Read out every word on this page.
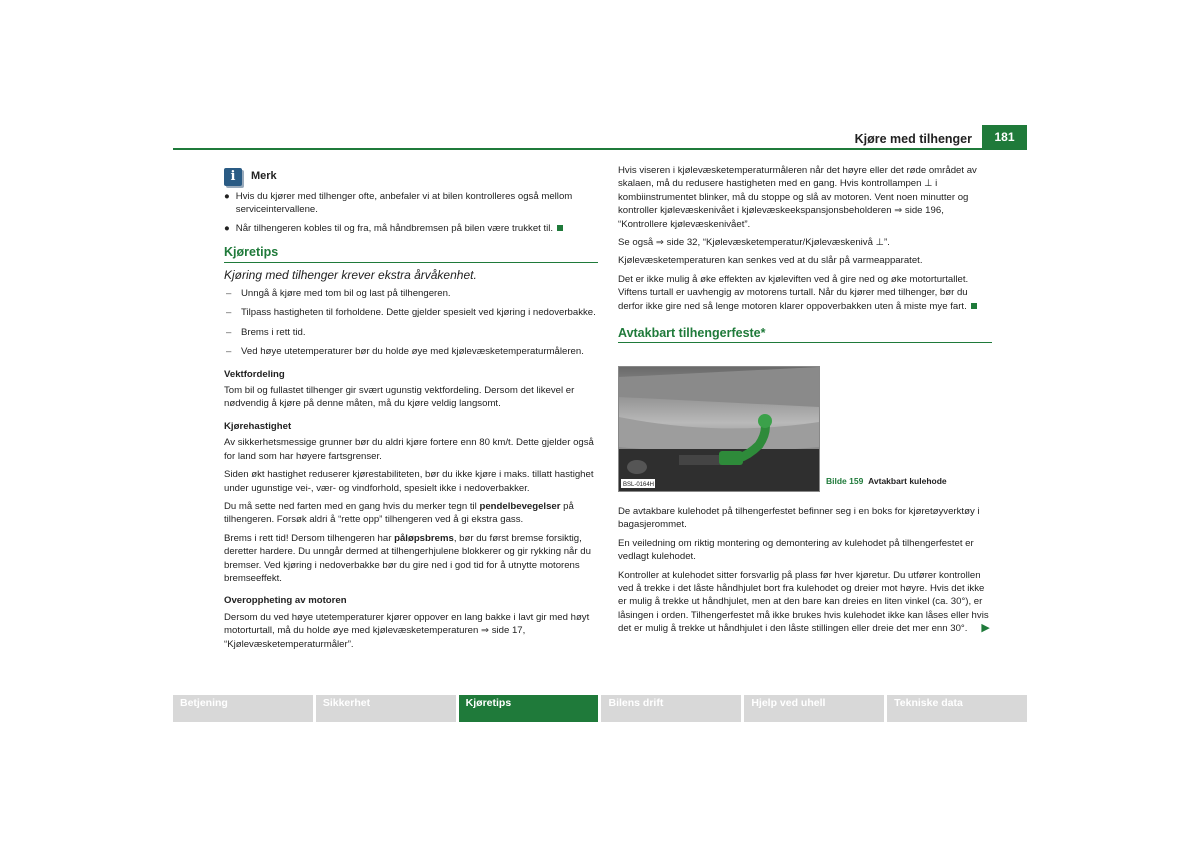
Kjøre med tilhenger	181
i	Merk
● Hvis du kjører med tilhenger ofte, anbefaler vi at bilen kontrolleres også mellom serviceintervallene.
● Når tilhengeren kobles til og fra, må håndbremsen på bilen være trukket til.
Kjøretips

Kjøring med tilhenger krever ekstra årvåkenhet.

– Unngå å kjøre med tom bil og last på tilhengeren.
– Tilpass hastigheten til forholdene. Dette gjelder spesielt ved kjøring i nedoverbakke.
– Brems i rett tid.
– Ved høye utetemperaturer bør du holde øye med kjølevæsketemperaturmåleren.
Vektfordeling

Tom bil og fullastet tilhenger gir svært ugunstig vektfordeling. Dersom det likevel er nødvendig å kjøre på denne måten, må du kjøre veldig langsomt.

Kjørehastighet

Av sikkerhetsmessige grunner bør du aldri kjøre fortere enn 80 km/t. Dette gjelder også for land som har høyere fartsgrenser.

Siden økt hastighet reduserer kjørestabiliteten, bør du ikke kjøre i maks. tillatt hastighet under ugunstige vei-, vær- og vindforhold, spesielt ikke i nedoverbakker.

Du må sette ned farten med en gang hvis du merker tegn til pendelbevegelser på tilhengeren. Forsøk aldri å “rette opp” tilhengeren ved å gi ekstra gass.

Brems i rett tid! Dersom tilhengeren har påløpsbrems, bør du først bremse forsiktig, deretter hardere. Du unngår dermed at tilhengerhjulene blokkerer og gir rykking når du bremser. Ved kjøring i nedoverbakke bør du gire ned i god tid for å utnytte motorens bremseeffekt.

Overoppheting av motoren

Dersom du ved høye utetemperaturer kjører oppover en lang bakke i lavt gir med høyt motorturtall, må du holde øye med kjølevæsketemperaturen ⇒ side 17, “Kjølevæsketemperaturmåler”.

Hvis viseren i kjølevæsketemperaturmåleren når det høyre eller det røde området av skalaen, må du redusere hastigheten med en gang. Hvis kontrollampen ⊥ i kombiinstrumentet blinker, må du stoppe og slå av motoren. Vent noen minutter og kontroller kjølevæskenivået i kjølevæskeekspansjonsbeholderen ⇒ side 196, “Kontrollere kjølevæskenivået”.

Se også ⇒ side 32, “Kjølevæsketemperatur/Kjølevæskenivå ⊥”.

Kjølevæsketemperaturen kan senkes ved at du slår på varmeapparatet.

Det er ikke mulig å øke effekten av kjøleviften ved å gire ned og øke motorturtallet. Viftens turtall er uavhengig av motorens turtall. Når du kjører med tilhenger, bør du derfor ikke gire ned så lenge motoren klarer oppoverbakken uten å miste mye fart.

Avtakbart tilhengerfeste*
BSL-0164H	Bilde 159 Avtakbart kulehode

De avtakbare kulehodet på tilhengerfestet befinner seg i en boks for kjøretøyverktøy i bagasjerommet.

En veiledning om riktig montering og demontering av kulehodet på tilhengerfestet er vedlagt kulehodet.

Kontroller at kulehodet sitter forsvarlig på plass før hver kjøretur. Du utfører kontrollen ved å trekke i det låste håndhjulet bort fra kulehodet og dreier mot høyre. Hvis det ikke er mulig å trekke ut håndhjulet, men at den bare kan dreies en liten vinkel (ca. 30°), er låsingen i orden. Tilhengerfestet må ikke brukes hvis kulehodet ikke kan låses eller hvis det er mulig å trekke ut håndhjulet i den låste stillingen eller dreie det mer enn 30°. ▶

Betjening	Sikkerhet	Kjøretips	Bilens drift	Hjelp ved uhell	Tekniske data
